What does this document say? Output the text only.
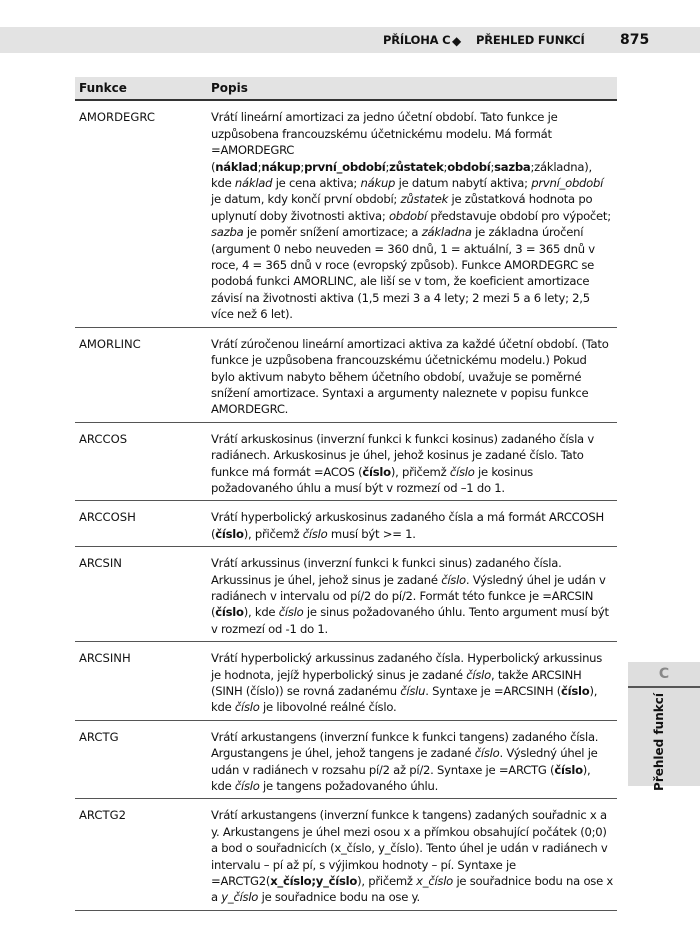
PŘÍLOHA C ◆ PŘEHLED FUNKCÍ	875
Funkce	Popis

AMORDEGRC	Vrátí lineární amortizaci za jedno účetní období. Tato funkce je uzpůsobena francouzskému účetnickému modelu. Má formát =AMORDEGRC (náklad;nákup;první_období;zůstatek;období;sazba;základna), kde náklad je cena aktiva; nákup je datum nabytí aktiva; první_období je datum, kdy končí první období; zůstatek je zůstatková hodnota po uplynutí doby životnosti aktiva; období představuje období pro výpočet; sazba je poměr snížení amortizace; a základna je základna úročení (argument 0 nebo neuveden = 360 dnů, 1 = aktuální, 3 = 365 dnů v roce, 4 = 365 dnů v roce (evropský způsob). Funkce AMORDEGRC se podobá funkci AMORLINC, ale liší se v tom, že koeficient amortizace závisí na životnosti aktiva (1,5 mezi 3 a 4 lety; 2 mezi 5 a 6 lety; 2,5 více než 6 let).

AMORLINC	Vrátí zúročenou lineární amortizaci aktiva za každé účetní období. (Tato funkce je uzpůsobena francouzskému účetnickému modelu.) Pokud bylo aktivum nabyto během účetního období, uvažuje se poměrné snížení amortizace. Syntaxi a argumenty naleznete v popisu funkce AMORDEGRC.

ARCCOS	Vrátí arkuskosinus (inverzní funkci k funkci kosinus) zadaného čísla v radiánech. Arkuskosinus je úhel, jehož kosinus je zadané číslo. Tato funkce má formát =ACOS (číslo), přičemž číslo je kosinus požadovaného úhlu a musí být v rozmezí od –1 do 1.

ARCCOSH	Vrátí hyperbolický arkuskosinus zadaného čísla a má formát ARCCOSH (číslo), přičemž číslo musí být >= 1.

ARCSIN	Vrátí arkussinus (inverzní funkci k funkci sinus) zadaného čísla. Arkussinus je úhel, jehož sinus je zadané číslo. Výsledný úhel je udán v radiánech v intervalu od pí/2 do pí/2. Formát této funkce je =ARCSIN (číslo), kde číslo je sinus požadovaného úhlu. Tento argument musí být v rozmezí od -1 do 1.

ARCSINH	Vrátí hyperbolický arkussinus zadaného čísla. Hyperbolický arkussinus je hodnota, jejíž hyperbolický sinus je zadané číslo, takže ARCSINH (SINH (číslo)) se rovná zadanému číslu. Syntaxe je =ARCSINH (číslo), kde číslo je libovolné reálné číslo.

ARCTG	Vrátí arkustangens (inverzní funkce k funkci tangens) zadaného čísla. Argustangens je úhel, jehož tangens je zadané číslo. Výsledný úhel je udán v radiánech v rozsahu pí/2 až pí/2. Syntaxe je =ARCTG (číslo), kde číslo je tangens požadovaného úhlu.

ARCTG2	Vrátí arkustangens (inverzní funkce k tangens) zadaných souřadnic x a y. Arkustangens je úhel mezi osou x a přímkou obsahující počátek (0;0) a bod o souřadnicích (x_číslo, y_číslo). Tento úhel je udán v radiánech v intervalu – pí až pí, s výjimkou hodnoty – pí. Syntaxe je =ARCTG2(x_číslo;y_číslo), přičemž x_číslo je souřadnice bodu na ose x a y_číslo je souřadnice bodu na ose y.
C
Přehled funkcí
